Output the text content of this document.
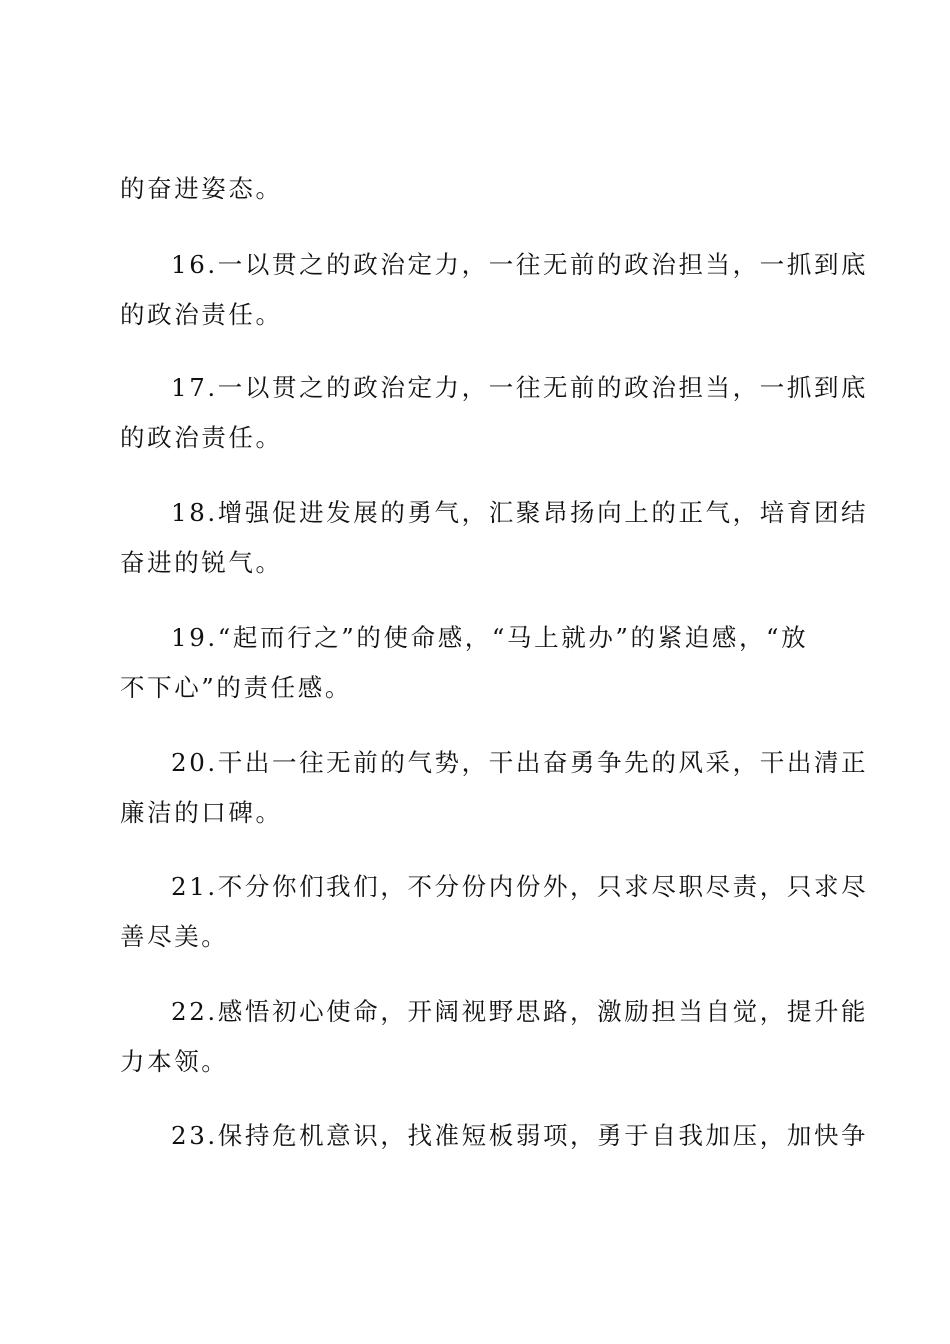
的奋进姿态。
16.一以贯之的政治定力，一往无前的政治担当，一抓到底
的政治责任。
17.一以贯之的政治定力，一往无前的政治担当，一抓到底
的政治责任。
18.增强促进发展的勇气，汇聚昂扬向上的正气，培育团结
奋进的锐气。
19.“起而行之”的使命感，“马上就办”的紧迫感，“放
不下心”的责任感。
20.干出一往无前的气势，干出奋勇争先的风采，干出清正
廉洁的口碑。
21.不分你们我们，不分份内份外，只求尽职尽责，只求尽
善尽美。
22.感悟初心使命，开阔视野思路，激励担当自觉，提升能
力本领。
23.保持危机意识，找准短板弱项，勇于自我加压，加快争
